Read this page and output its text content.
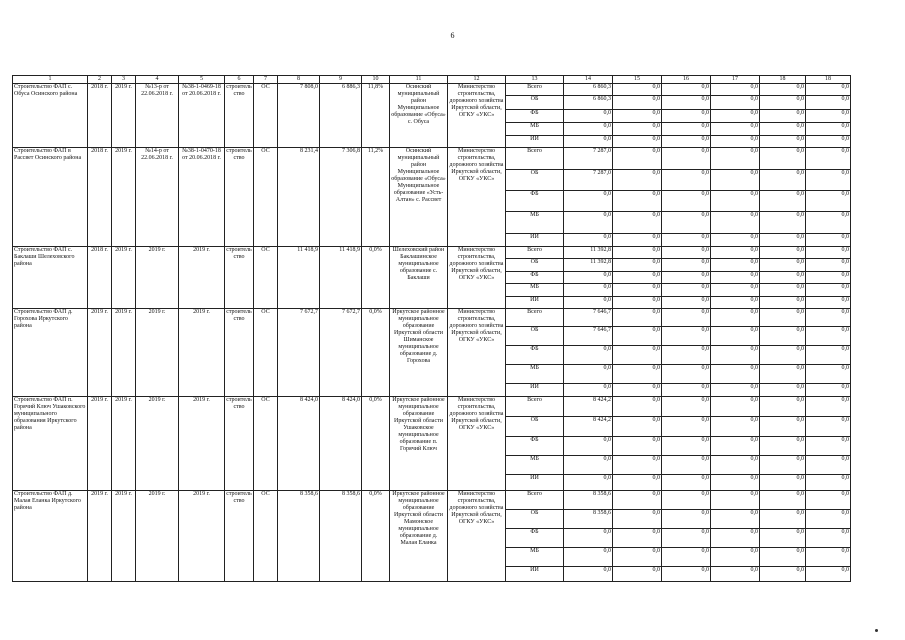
6
1	2	3	4	5	6	7	8	9	10	11	12	13	14	15	16	17	18	18
Строительство ФАП с. Обуса Осинского района	2018 г.	2019 г.	№13-р от 22.06.2018 г.	№38-1-0469-18 от 20.06.2018 г.	строительство	ОС	7 808,0	6 886,3	11,8%	Осинский муниципальный район Муниципальное образование «Обуса» с. Обуса	Министерство строительства, дорожного хозяйства Иркутской области, ОГКУ «УКС»	Всего	6 860,3	0,0	0,0	0,0	0,0	0,0
												ОБ	6 860,3	0,0	0,0	0,0	0,0	0,0
												ФБ	0,0	0,0	0,0	0,0	0,0	0,0
												МБ	0,0	0,0	0,0	0,0	0,0	0,0
												ИИ	0,0	0,0	0,0	0,0	0,0	0,0
Строительство ФАП в Рассвет Осинского района	2018 г.	2019 г.	№14-р от 22.06.2018 г.	№38-1-0470-18 от 20.06.2018 г.	строительство	ОС	8 231,4	7 306,8	11,2%	Осинский муниципальный район Муниципальное образование «Обуса» Муниципальное образование «Усть-Алтан» с. Рассвет	Министерство строительства, дорожного хозяйства Иркутской области, ОГКУ «УКС»	Всего	7 287,0	0,0	0,0	0,0	0,0	0,0
												ОБ	7 287,0	0,0	0,0	0,0	0,0	0,0
												ФБ	0,0	0,0	0,0	0,0	0,0	0,0
												МБ	0,0	0,0	0,0	0,0	0,0	0,0
												ИИ	0,0	0,0	0,0	0,0	0,0	0,0
Строительство ФАП с. Баклаши Шелеховского района	2018 г.	2019 г.	2019 г.	2019 г.	строительство	ОС	11 418,9	11 418,9	0,0%	Шелеховский район Баклашинское муниципальное образование с. Баклаши	Министерство строительства, дорожного хозяйства Иркутской области, ОГКУ «УКС»	Всего	11 392,8	0,0	0,0	0,0	0,0	0,0
												ОБ	11 392,8	0,0	0,0	0,0	0,0	0,0
												ФБ	0,0	0,0	0,0	0,0	0,0	0,0
												МБ	0,0	0,0	0,0	0,0	0,0	0,0
												ИИ	0,0	0,0	0,0	0,0	0,0	0,0
Строительство ФАП д. Горохова Иркутского района	2019 г.	2019 г.	2019 г.	2019 г.	строительство	ОС	7 672,7	7 672,7	0,0%	Иркутское районное муниципальное образование Иркутской области Шиманское муниципальное образование д. Горохова	Министерство строительства, дорожного хозяйства Иркутской области, ОГКУ «УКС»	Всего	7 646,7	0,0	0,0	0,0	0,0	0,0
												ОБ	7 646,7	0,0	0,0	0,0	0,0	0,0
												ФБ	0,0	0,0	0,0	0,0	0,0	0,0
												МБ	0,0	0,0	0,0	0,0	0,0	0,0
												ИИ	0,0	0,0	0,0	0,0	0,0	0,0
Строительство ФАП п. Горячий Ключ Ушаковского муниципального образования Иркутского района	2019 г.	2019 г.	2019 г.	2019 г.	строительство	ОС	8 424,0	8 424,0	0,0%	Иркутское районное муниципальное образование Иркутской области Ушаковское муниципальное образование п. Горячий Ключ	Министерство строительства, дорожного хозяйства Иркутской области, ОГКУ «УКС»	Всего	8 424,2	0,0	0,0	0,0	0,0	0,0
												ОБ	8 424,2	0,0	0,0	0,0	0,0	0,0
												ФБ	0,0	0,0	0,0	0,0	0,0	0,0
												МБ	0,0	0,0	0,0	0,0	0,0	0,0
												ИИ	0,0	0,0	0,0	0,0	0,0	0,0
Строительство ФАП д. Малая Еланка Иркутского района	2019 г.	2019 г.	2019 г.	2019 г.	строительство	ОС	8 358,6	8 358,6	0,0%	Иркутское районное муниципальное образование Иркутской области Мамонское муниципальное образование д. Малая Еланка	Министерство строительства, дорожного хозяйства Иркутской области, ОГКУ «УКС»	Всего	8 358,6	0,0	0,0	0,0	0,0	0,0
												ОБ	8 358,6	0,0	0,0	0,0	0,0	0,0
												ФБ	0,0	0,0	0,0	0,0	0,0	0,0
												МБ	0,0	0,0	0,0	0,0	0,0	0,0
												ИИ	0,0	0,0	0,0	0,0	0,0	0,0
